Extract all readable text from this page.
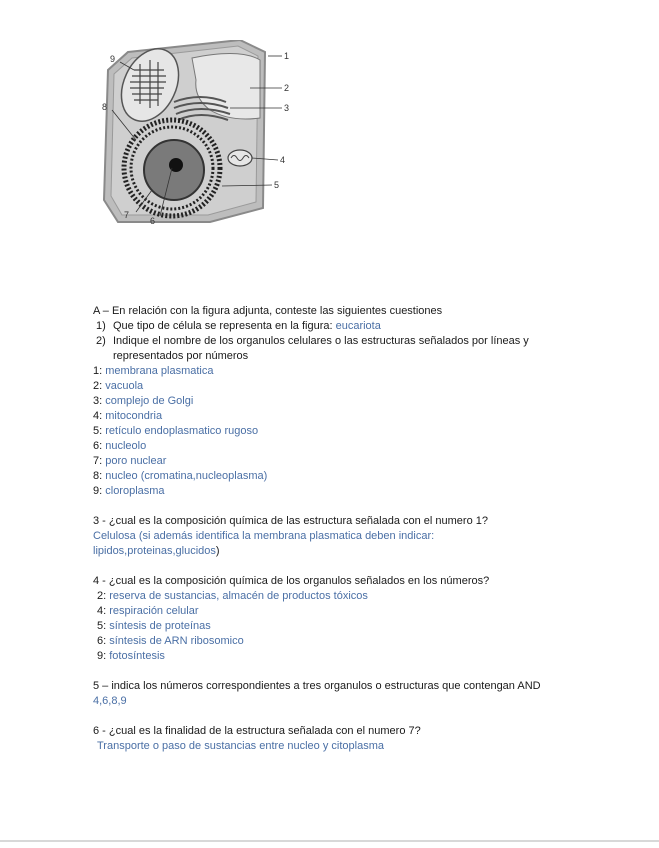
1
2
3
4
5
6
7
8
9
A – En relación con la figura adjunta, conteste las siguientes cuestiones
1) Que tipo de célula se representa en la figura: eucariota
2) Indique el nombre de los organulos celulares o las estructuras señalados por líneas y representados por números
1: membrana plasmatica
2: vacuola
3: complejo de Golgi
4: mitocondria
5: retículo endoplasmatico rugoso
6: nucleolo
7: poro nuclear
8: nucleo (cromatina,nucleoplasma)
9: cloroplasma
3 - ¿cual es la composición química de las estructura señalada con el numero 1?
Celulosa (si además identifica la membrana plasmatica deben indicar:
lipidos,proteinas,glucidos)
4 - ¿cual es la composición química de los organulos señalados en los números?
2: reserva de sustancias, almacén de productos tóxicos
4: respiración celular
5: síntesis de proteínas
6: síntesis de ARN ribosomico
9: fotosíntesis
5 – indica los números correspondientes a tres organulos o estructuras que contengan AND
4,6,8,9
6 - ¿cual es la finalidad de la estructura señalada con el numero 7?
Transporte o paso de sustancias entre nucleo y citoplasma
